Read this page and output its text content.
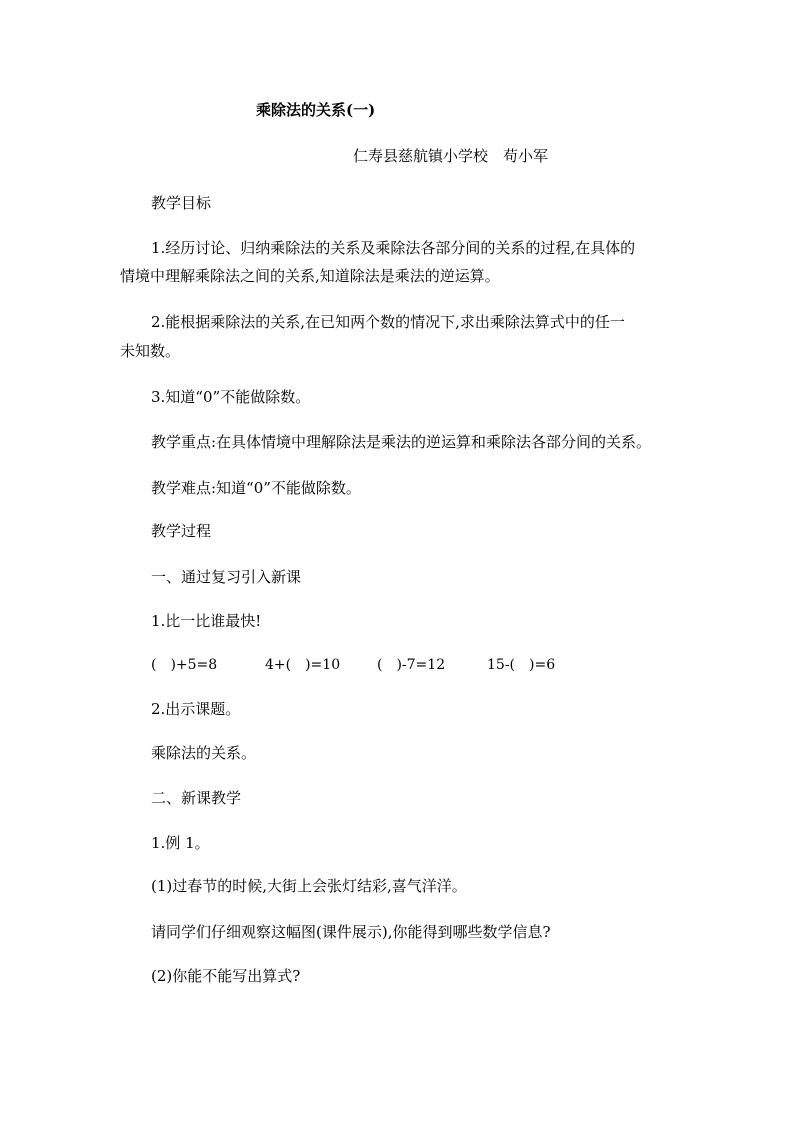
乘除法的关系(一)
仁寿县慈航镇小学校　苟小军
教学目标
1.经历讨论、归纳乘除法的关系及乘除法各部分间的关系的过程,在具体的
情境中理解乘除法之间的关系,知道除法是乘法的逆运算。
2.能根据乘除法的关系,在已知两个数的情况下,求出乘除法算式中的任一
未知数。
3.知道“0”不能做除数。
教学重点:在具体情境中理解除法是乘法的逆运算和乘除法各部分间的关系。
教学难点:知道“0”不能做除数。
教学过程
一、通过复习引入新课
1.比一比谁最快!
(　)+5=8	4+(　)=10	(　)-7=12	15-(　)=6
2.出示课题。
乘除法的关系。
二、新课教学
1.例 1。
(1)过春节的时候,大街上会张灯结彩,喜气洋洋。
请同学们仔细观察这幅图(课件展示),你能得到哪些数学信息?
(2)你能不能写出算式?
